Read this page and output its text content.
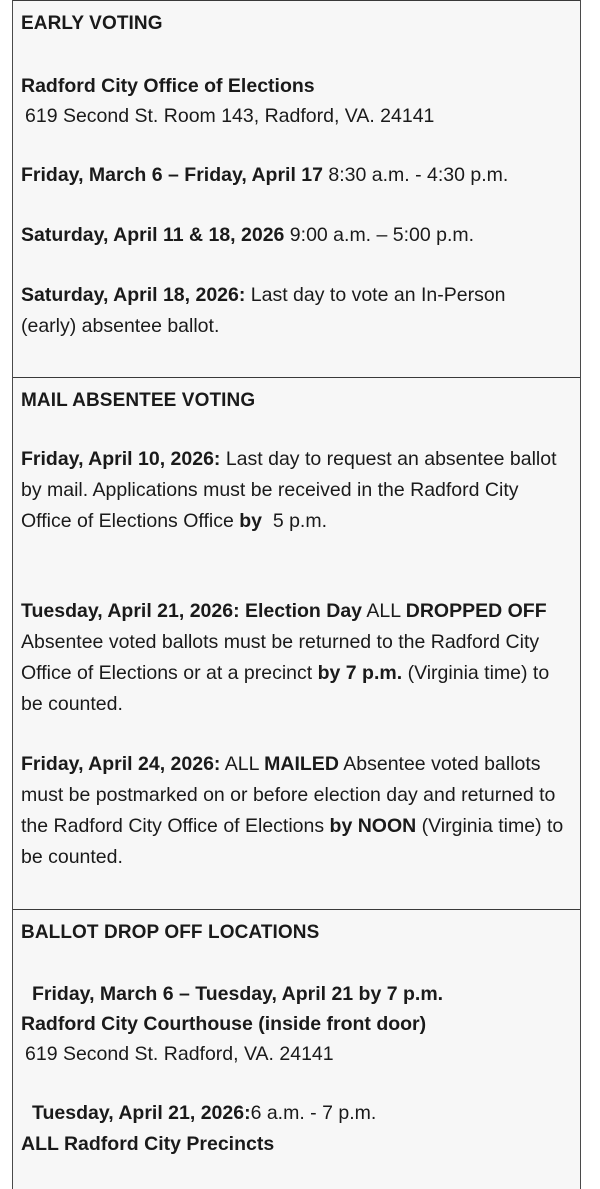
EARLY VOTING
Radford City Office of Elections
619 Second St. Room 143, Radford, VA. 24141
Friday, March 6 – Friday, April 17 8:30 a.m. - 4:30 p.m.
Saturday, April 11 & 18, 2026 9:00 a.m. – 5:00 p.m.
Saturday, April 18, 2026: Last day to vote an In-Person (early) absentee ballot.
MAIL ABSENTEE VOTING
Friday, April 10, 2026: Last day to request an absentee ballot by mail. Applications must be received in the Radford City Office of Elections Office by  5 p.m.
Tuesday, April 21, 2026: Election Day ALL DROPPED OFF Absentee voted ballots must be returned to the Radford City Office of Elections or at a precinct by 7 p.m. (Virginia time) to be counted.
Friday, April 24, 2026: ALL MAILED Absentee voted ballots must be postmarked on or before election day and returned to the Radford City Office of Elections by NOON (Virginia time) to be counted.
BALLOT DROP OFF LOCATIONS
Friday, March 6 – Tuesday, April 21 by 7 p.m.
Radford City Courthouse (inside front door)
619 Second St. Radford, VA. 24141
Tuesday, April 21, 2026:6 a.m. - 7 p.m.
ALL Radford City Precincts
